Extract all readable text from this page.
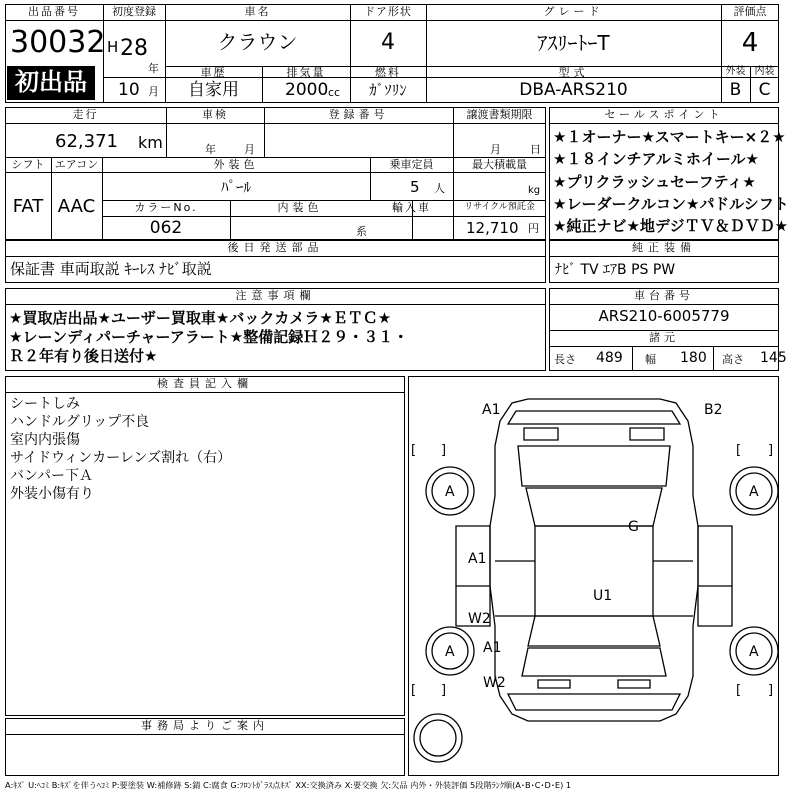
出品番号
30032
初出品
初度登録
H 28
年
10 月
車名
クラウン
ドア形状
4
グレード
ｱｽﾘｰﾄｰT
車歴
自家用
排気量
2000 cc
燃料
ｶﾞｿﾘﾝ
型式
DBA-ARS210
評価点
4
外装 内装
B	C
走行
62,371 km
車検
年	月
登録番号	譲渡書類期限
月	日
シフト エアコン
FAT AAC
外装色
ﾊﾟｰﾙ
乗車定員
5 人
最大積載量
kg
カラーNo.
062
内装色
系
輸入車	リサイクル預託金
12,710 円
後日発送部品
保証書 車両取説 ｷｰﾚｽ ﾅﾋﾞ取説
セールスポイント
★１オーナー★スマートキー×２★
★１８インチアルミホイール★
★プリクラッシュセーフティ★
★レーダークルコン★パドルシフト
★純正ナビ★地デジＴＶ＆ＤＶＤ★
純正装備
ﾅﾋﾞ TV ｴｱB PS PW
注意事項欄
★買取店出品★ユーザー買取車★バックカメラ★ＥＴＣ★
★レーンディパーチャーアラート★整備記録Ｈ２９・３１・
Ｒ２年有り後日送付★
車台番号
ARS210-6005779
諸元
長さ 489 幅 180 高さ 145
検査員記入欄
シートしみ
ハンドルグリップ不良
室内内張傷
サイドウィンカーレンズ割れ（右）
バンパー下Ａ
外装小傷有り
事務局よりご案内
[ ]	[ ]
[ ]	[ ]
A1	B2
A	A
A	A
G
A1
W2
A1
W2
U1
A:ｷｽﾞ U:ﾍｺﾐ B:ｷｽﾞを伴うﾍｺﾐ P:要塗装 W:補修跡 S:錆 C:腐食 G:ﾌﾛﾝﾄｶﾞﾗｽ点ｷｽﾞ XX:交換済み X:要交換 欠:欠品 内外・外装評価 5段階ﾗﾝｸ順(A･B･C･D･E) 1
